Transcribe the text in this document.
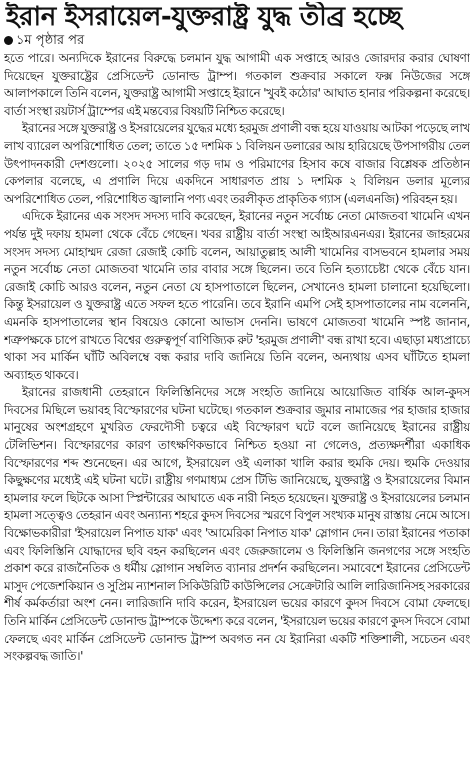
ইরান ইসরায়েল-যুক্তরাষ্ট্র যুদ্ধ তীব্র হচ্ছে
১ম পৃষ্ঠার পর

হতে পারে। অন্যদিকে ইরানের বিরুদ্ধে চলমান যুদ্ধ আগামী এক সপ্তাহে আরও জোরদার করার ঘোষণা দিয়েছেন যুক্তরাষ্ট্রের প্রেসিডেন্ট ডোনাল্ড ট্রাম্প। গতকাল শুক্রবার সকালে ফক্স নিউজের সঙ্গে আলাপকালে তিনি বলেন, যুক্তরাষ্ট্র আগামী সপ্তাহে ইরানে 'খুবই কঠোর' আঘাত হানার পরিকল্পনা করেছে। বার্তা সংস্থা রয়টার্স ট্রাম্পের এই মন্তব্যের বিষয়টি নিশ্চিত করেছে।

ইরানের সঙ্গে যুক্তরাষ্ট্র ও ইসরায়েলের যুদ্ধের মধ্যে হরমুজ প্রণালী বন্ধ হয়ে যাওয়ায় আটকা পড়েছে লাখ লাখ ব্যারেল অপরিশোধিত তেল; তাতে ১৫ দশমিক ১ বিলিয়ন ডলারের আয় হারিয়েছে উপসাগরীয় তেল উৎপাদনকারী দেশগুলো। ২০২৫ সালের গড় দাম ও পরিমাণের হিসাব কষে বাজার বিশ্লেষক প্রতিষ্ঠান কেপলার বলেছে, এ প্রণালি দিয়ে একদিনে সাধারণত প্রায় ১ দশমিক ২ বিলিয়ন ডলার মূল্যের অপরিশোধিত তেল, পরিশোধিত জ্বালানি পণ্য এবং তরলীকৃত প্রাকৃতিক গ্যাস (এলএনজি) পরিবহন হয়।

এদিকে ইরানের এক সংসদ সদস্য দাবি করেছেন, ইরানের নতুন সর্বোচ্চ নেতা মোজতবা খামেনি এখন পর্যন্ত দুই দফায় হামলা থেকে বেঁচে গেছেন। খবর রাষ্ট্রীয় বার্তা সংস্থা আইআরএনএর। ইরানের জাহরমের সংসদ সদস্য মোহাম্মদ রেজা রেজাই কোচি বলেন, আয়াতুল্লাহ আলী খামেনির বাসভবনে হামলার সময় নতুন সর্বোচ্চ নেতা মোজতবা খামেনি তার বাবার সঙ্গে ছিলেন। তবে তিনি হত্যাচেষ্টা থেকে বেঁচে যান। রেজাই কোচি আরও বলেন, নতুন নেতা যে হাসপাতালে ছিলেন, সেখানেও হামলা চালানো হয়েছিলো। কিন্তু ইসরায়েল ও যুক্তরাষ্ট্র এতে সফল হতে পারেনি। তবে ইরানি এমপি সেই হাসপাতালের নাম বলেননি, এমনকি হাসপাতালের স্থান বিষয়েও কোনো আভাস দেননি। ভাষণে মোজতবা খামেনি স্পষ্ট জানান, শত্রুপক্ষকে চাপে রাখতে বিশ্বের গুরুত্বপূর্ণ বাণিজ্যিক রুট 'হরমুজ প্রণালী' বন্ধ রাখা হবে। এছাড়া মধ্যপ্রাচ্যে থাকা সব মার্কিন ঘাঁটি অবিলম্বে বন্ধ করার দাবি জানিয়ে তিনি বলেন, অন্যথায় এসব ঘাঁটিতে হামলা অব্যাহত থাকবে।

ইরানের রাজধানী তেহরানে ফিলিস্তিনিদের সঙ্গে সংহতি জানিয়ে আয়োজিত বার্ষিক আল-কুদস দিবসের মিছিলে ভয়াবহ বিস্ফোরণের ঘটনা ঘটেছে। গতকাল শুক্রবার জুমার নামাজের পর হাজার হাজার মানুষের অংশগ্রহণে মুখরিত ফেরদৌসী চত্বরে এই বিস্ফোরণ ঘটে বলে জানিয়েছে ইরানের রাষ্ট্রীয় টেলিভিশন। বিস্ফোরণের কারণ তাৎক্ষণিকভাবে নিশ্চিত হওয়া না গেলেও, প্রত্যক্ষদর্শীরা একাধিক বিস্ফোরণের শব্দ শুনেছেন। এর আগে, ইসরায়েল ওই এলাকা খালি করার হুমকি দেয়। হুমকি দেওয়ার কিছুক্ষণের মধ্যেই এই ঘটনা ঘটে। রাষ্ট্রীয় গণমাধ্যম প্রেস টিভি জানিয়েছে, যুক্তরাষ্ট্র ও ইসরায়েলের বিমান হামলার ফলে ছিটকে আসা স্প্লিন্টারের আঘাতে এক নারী নিহত হয়েছেন। যুক্তরাষ্ট্র ও ইসরায়েলের চলমান হামলা সত্ত্বেও তেহরান এবং অন্যান্য শহরে কুদস দিবসের স্মরণে বিপুল সংখ্যক মানুষ রাস্তায় নেমে আসে। বিক্ষোভকারীরা 'ইসরায়েল নিপাত যাক' এবং 'আমেরিকা নিপাত যাক' স্লোগান দেন। তারা ইরানের পতাকা এবং ফিলিস্তিনি যোদ্ধাদের ছবি বহন করছিলেন এবং জেরুজালেম ও ফিলিস্তিনি জনগণের সঙ্গে সংহতি প্রকাশ করে রাজনৈতিক ও ধর্মীয় স্লোগান সম্বলিত ব্যানার প্রদর্শন করছিলেন। সমাবেশে ইরানের প্রেসিডেন্ট মাসুদ পেজেশকিয়ান ও সুপ্রিম ন্যাশনাল সিকিউরিটি কাউন্সিলের সেক্রেটারি আলি লারিজানিসহ সরকারের শীর্ষ কর্মকর্তারা অংশ নেন। লারিজানি দাবি করেন, ইসরায়েল ভয়ের কারণে কুদস দিবসে বোমা ফেলছে। তিনি মার্কিন প্রেসিডেন্ট ডোনাল্ড ট্রাম্পকে উদ্দেশ্য করে বলেন, 'ইসরায়েল ভয়ের কারণে কুদস দিবসে বোমা ফেলছে এবং মার্কিন প্রেসিডেন্ট ডোনাল্ড ট্রাম্প অবগত নন যে ইরানিরা একটি শক্তিশালী, সচেতন এবং সংকল্পবদ্ধ জাতি।'
